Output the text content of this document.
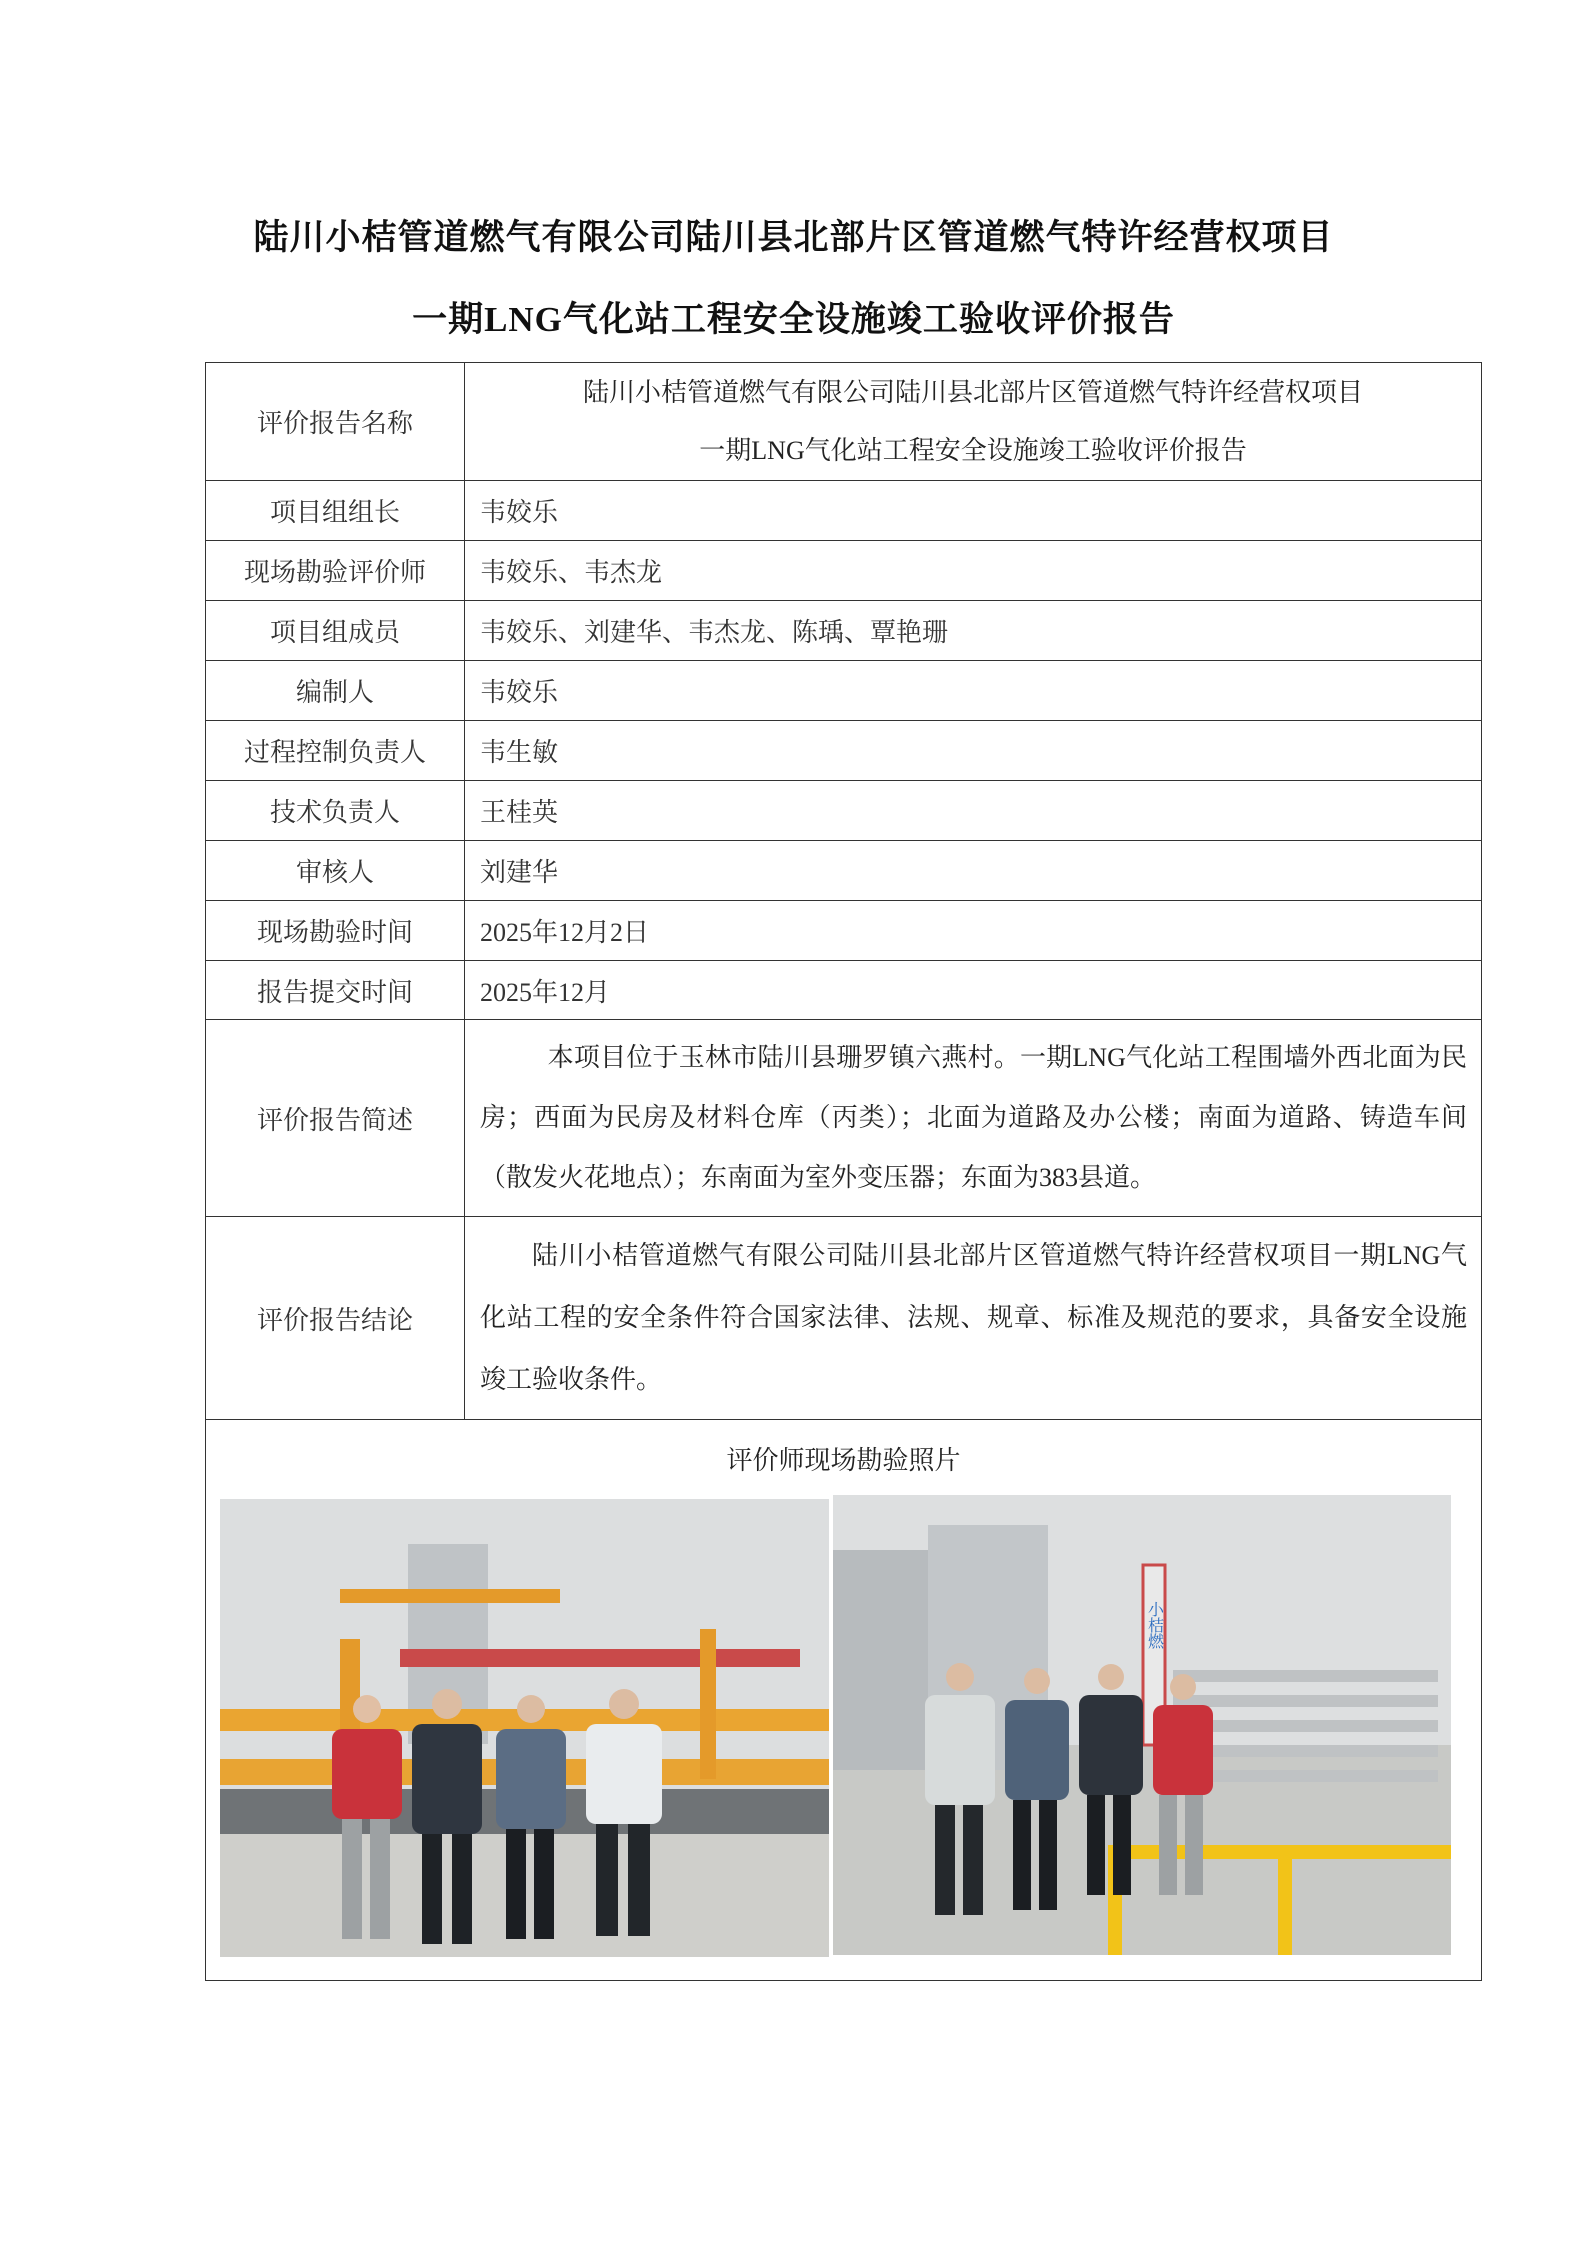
陆川小桔管道燃气有限公司陆川县北部片区管道燃气特许经营权项目
一期LNG气化站工程安全设施竣工验收评价报告
评价报告名称	陆川小桔管道燃气有限公司陆川县北部片区管道燃气特许经营权项目
一期LNG气化站工程安全设施竣工验收评价报告

项目组组长	韦姣乐
现场勘验评价师	韦姣乐、韦杰龙
项目组成员	韦姣乐、刘建华、韦杰龙、陈瑀、覃艳珊
编制人	韦姣乐
过程控制负责人	韦生敏
技术负责人	王桂英
审核人	刘建华
现场勘验时间	2025年12月2日
报告提交时间	2025年12月
评价报告简述	本项目位于玉林市陆川县珊罗镇六燕村。一期LNG气化站工程围墙外西北面为民房；西面为民房及材料仓库（丙类）；北面为道路及办公楼；南面为道路、铸造车间（散发火花地点）；东南面为室外变压器；东面为383县道。

评价报告结论	陆川小桔管道燃气有限公司陆川县北部片区管道燃气特许经营权项目一期LNG气化站工程的安全条件符合国家法律、法规、规章、标准及规范的要求，具备安全设施竣工验收条件。

评价师现场勘验照片
小桔燃	
